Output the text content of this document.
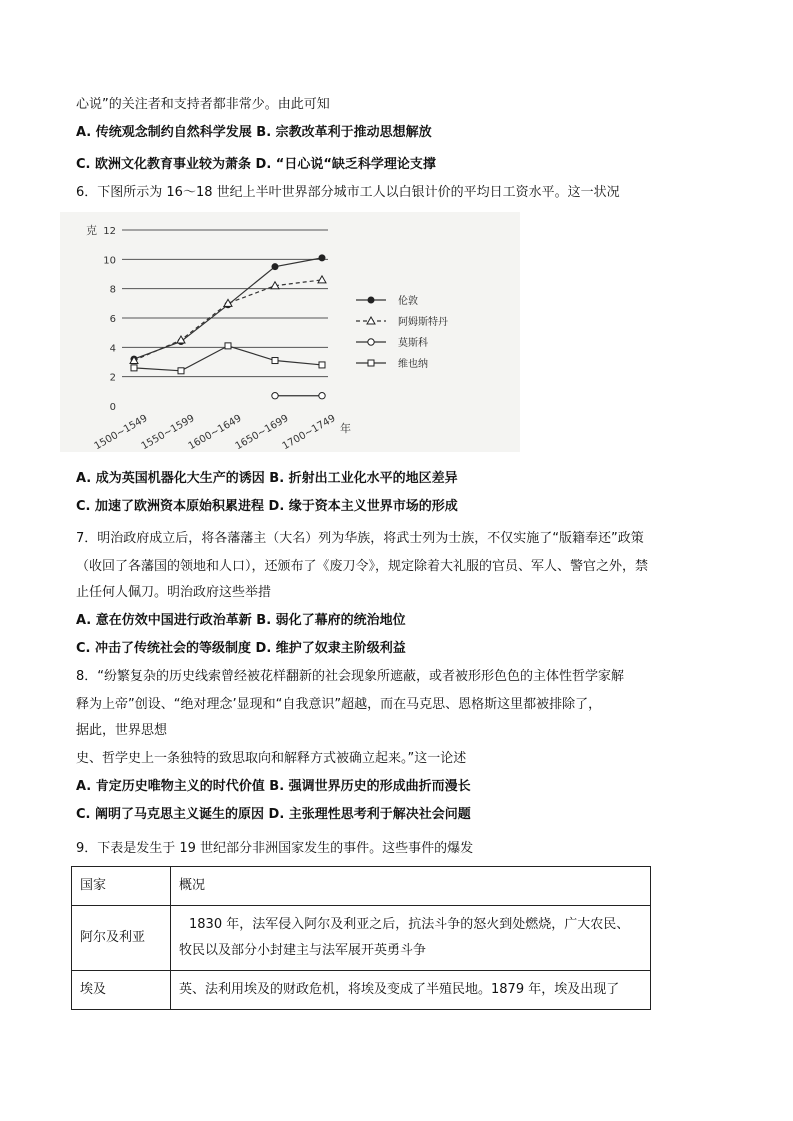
心说”的关注者和支持者都非常少。由此可知
A. 传统观念制约自然科学发展 B. 宗教改革利于推动思想解放
C. 欧洲文化教育事业较为萧条 D. “日心说“缺乏科学理论支撑
6．下图所示为 16～18 世纪上半叶世界部分城市工人以白银计价的平均日工资水平。这一状况
0
2
4
6
8
10
12
克
1500~1549
1550~1599
1600~1649
1650~1699
1700~1749 年
伦敦
阿姆斯特丹
莫斯科
维也纳
A. 成为英国机器化大生产的诱因 B. 折射出工业化水平的地区差异
C. 加速了欧洲资本原始积累进程 D. 缘于资本主义世界市场的形成
7．明治政府成立后，将各藩藩主（大名）列为华族，将武士列为士族，不仅实施了“版籍奉还”政策
（收回了各藩国的领地和人口），还颁布了《废刀令》，规定除着大礼服的官员、军人、警官之外，禁
止任何人佩刀。明治政府这些举措
A. 意在仿效中国进行政治革新 B. 弱化了幕府的统治地位
C. 冲击了传统社会的等级制度 D. 维护了奴隶主阶级利益
8．“纷繁复杂的历史线索曾经被花样翻新的社会现象所遮蔽，或者被形形色色的主体性哲学家解
释为上帝”创设、“绝对理念’显现和“自我意识”超越，而在马克思、恩格斯这里都被排除了，
据此，世界思想
史、哲学史上一条独特的致思取向和解释方式被确立起来。”这一论述
A. 肯定历史唯物主义的时代价值 B. 强调世界历史的形成曲折而漫长
C. 阐明了马克思主义诞生的原因 D. 主张理性思考利于解决社会问题
9．下表是发生于 19 世纪部分非洲国家发生的事件。这些事件的爆发
国家	概况
阿尔及利亚	1830 年，法军侵入阿尔及利亚之后，抗法斗争的怒火到处燃烧，广大农民、
牧民以及部分小封建主与法军展开英勇斗争

埃及	英、法利用埃及的财政危机，将埃及变成了半殖民地。1879 年，埃及出现了
